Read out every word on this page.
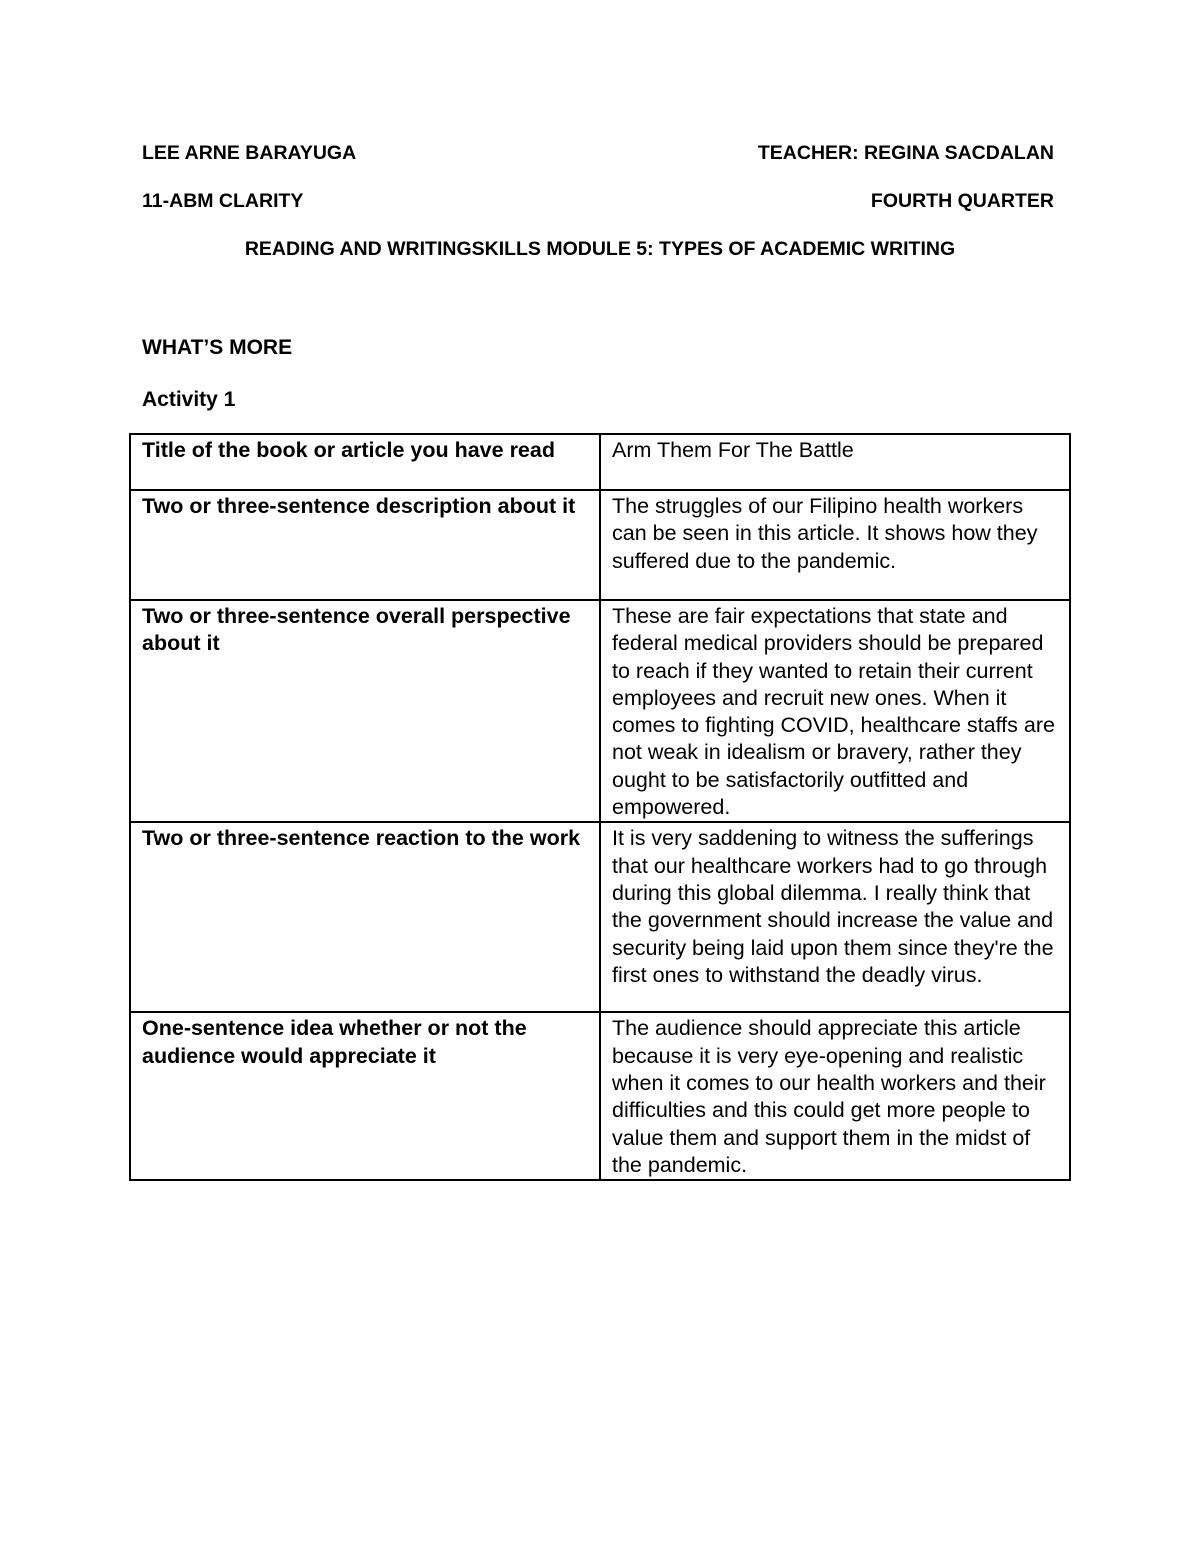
LEE ARNE BARAYUGA	TEACHER: REGINA SACDALAN
11-ABM CLARITY	FOURTH QUARTER
READING AND WRITINGSKILLS MODULE 5: TYPES OF ACADEMIC WRITING
WHAT’S MORE
Activity 1
Title of the book or article you have read	Arm Them For The Battle
Two or three-sentence description about it	The struggles of our Filipino health workers can be seen in this article. It shows how they suffered due to the pandemic.
Two or three-sentence overall perspective about it	These are fair expectations that state and federal medical providers should be prepared to reach if they wanted to retain their current employees and recruit new ones. When it comes to fighting COVID, healthcare staffs are not weak in idealism or bravery, rather they ought to be satisfactorily outfitted and empowered.
Two or three-sentence reaction to the work	It is very saddening to witness the sufferings that our healthcare workers had to go through during this global dilemma. I really think that the government should increase the value and security being laid upon them since they're the first ones to withstand the deadly virus.
One-sentence idea whether or not the audience would appreciate it	The audience should appreciate this article because it is very eye-opening and realistic when it comes to our health workers and their difficulties and this could get more people to value them and support them in the midst of the pandemic.
